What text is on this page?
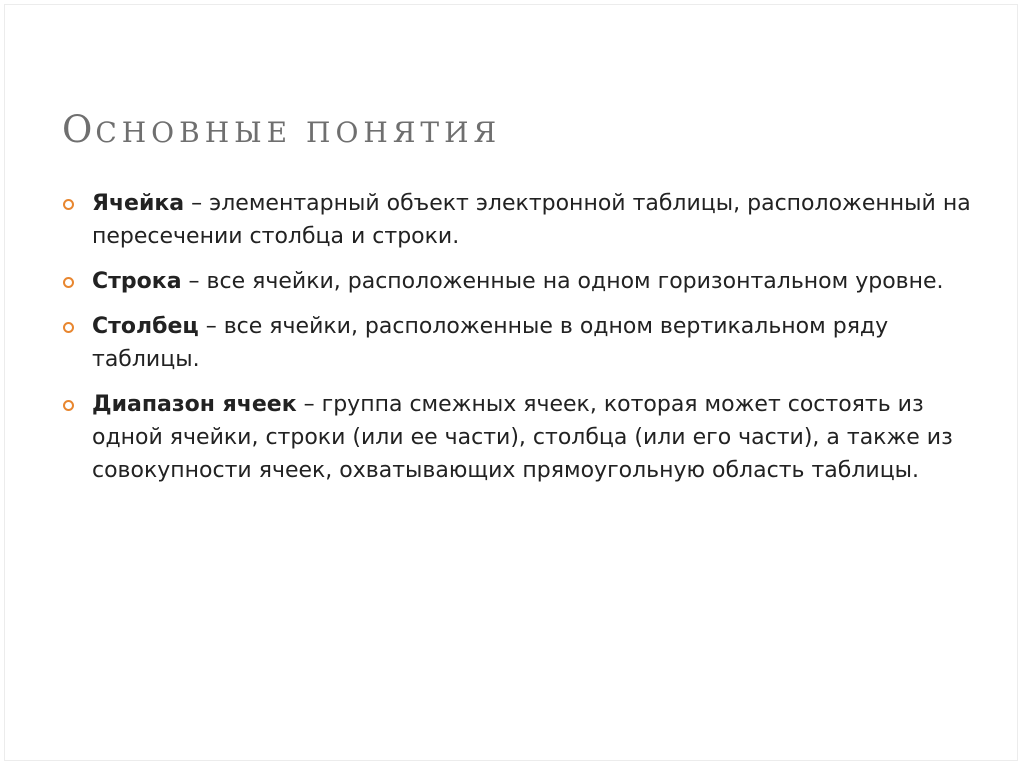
ОСНОВНЫЕ ПОНЯТИЯ
Ячейка – элементарный объект электронной таблицы, расположенный на пересечении столбца и строки.
Строка – все ячейки, расположенные на одном горизонтальном уровне.
Столбец – все ячейки, расположенные в одном вертикальном ряду таблицы.
Диапазон ячеек – группа смежных ячеек, которая может состоять из одной ячейки, строки (или ее части), столбца (или его части), а также из совокупности ячеек, охватывающих прямоугольную область таблицы.
